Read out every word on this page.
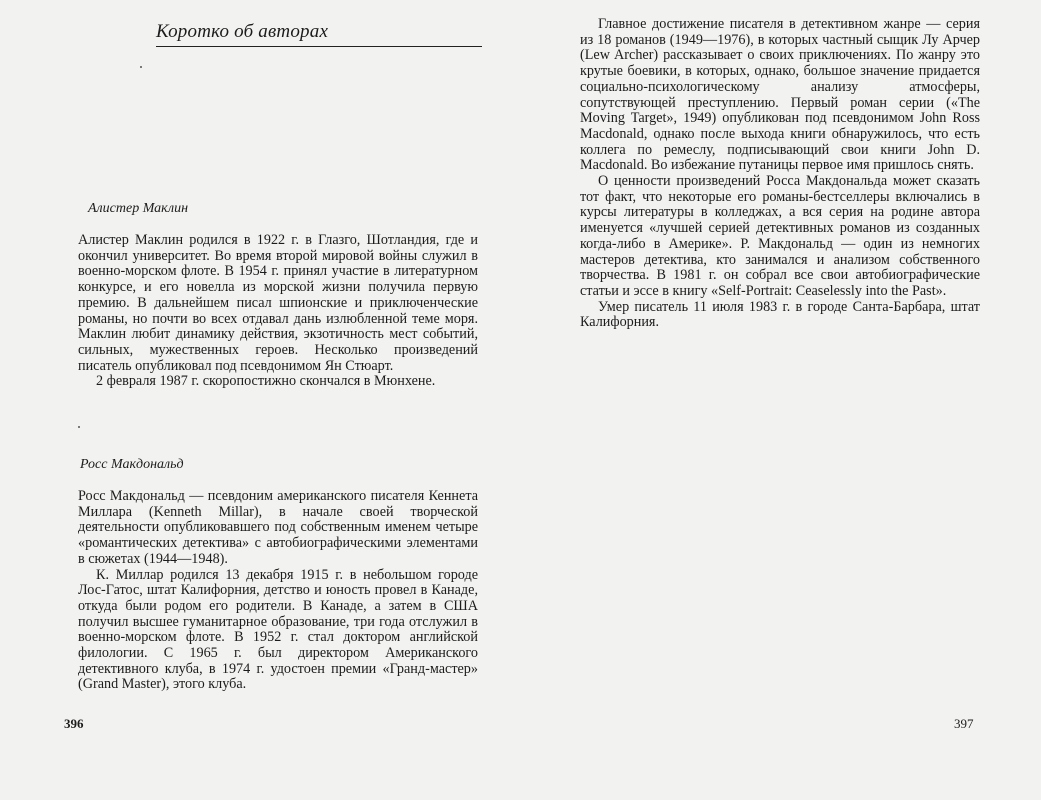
Коротко об авторах
Алистер Маклин

Алистер Маклин родился в 1922 г. в Глазго, Шотландия, где и окончил университет. Во время второй мировой войны служил в военно-морском флоте. В 1954 г. принял участие в литературном конкурсе, и его новелла из морской жизни получила первую премию. В дальнейшем писал шпионские и приключенческие романы, но почти во всех отдавал дань излюбленной теме моря. Маклин любит динамику действия, экзотичность мест событий, сильных, мужественных героев. Несколько произведений писатель опубликовал под псевдонимом Ян Стюарт.

2 февраля 1987 г. скоропостижно скончался в Мюнхене.

Росс Макдональд

Росс Макдональд — псевдоним американского писателя Кеннета Миллара (Kenneth Millar), в начале своей творческой деятельности опубликовавшего под собственным именем четыре «романтических детектива» с автобиографическими элементами в сюжетах (1944—1948).

К. Миллар родился 13 декабря 1915 г. в небольшом городе Лос-Гатос, штат Калифорния, детство и юность провел в Канаде, откуда были родом его родители. В Канаде, а затем в США получил высшее гуманитарное образование, три года отслужил в военно-морском флоте. В 1952 г. стал доктором английской филологии. С 1965 г. был директором Американского детективного клуба, в 1974 г. удостоен премии «Гранд-мастер» (Grand Master), этого клуба.

396

Главное достижение писателя в детективном жанре — серия из 18 романов (1949—1976), в которых частный сыщик Лу Арчер (Lew Archer) рассказывает о своих приключениях. По жанру это крутые боевики, в которых, однако, большое значение придается социально-психологическому анализу атмосферы, сопутствующей преступлению. Первый роман серии («The Moving Target», 1949) опубликован под псевдонимом John Ross Macdonald, однако после выхода книги обнаружилось, что есть коллега по ремеслу, подписывающий свои книги John D. Macdonald. Во избежание путаницы первое имя пришлось снять.

О ценности произведений Росса Макдональда может сказать тот факт, что некоторые его романы-бестселлеры включались в курсы литературы в колледжах, а вся серия на родине автора именуется «лучшей серией детективных романов из созданных когда-либо в Америке». Р. Макдональд — один из немногих мастеров детектива, кто занимался и анализом собственного творчества. В 1981 г. он собрал все свои автобиографические статьи и эссе в книгу «Self-Portrait: Ceaselessly into the Past».

Умер писатель 11 июля 1983 г. в городе Санта-Барбара, штат Калифорния.

397
